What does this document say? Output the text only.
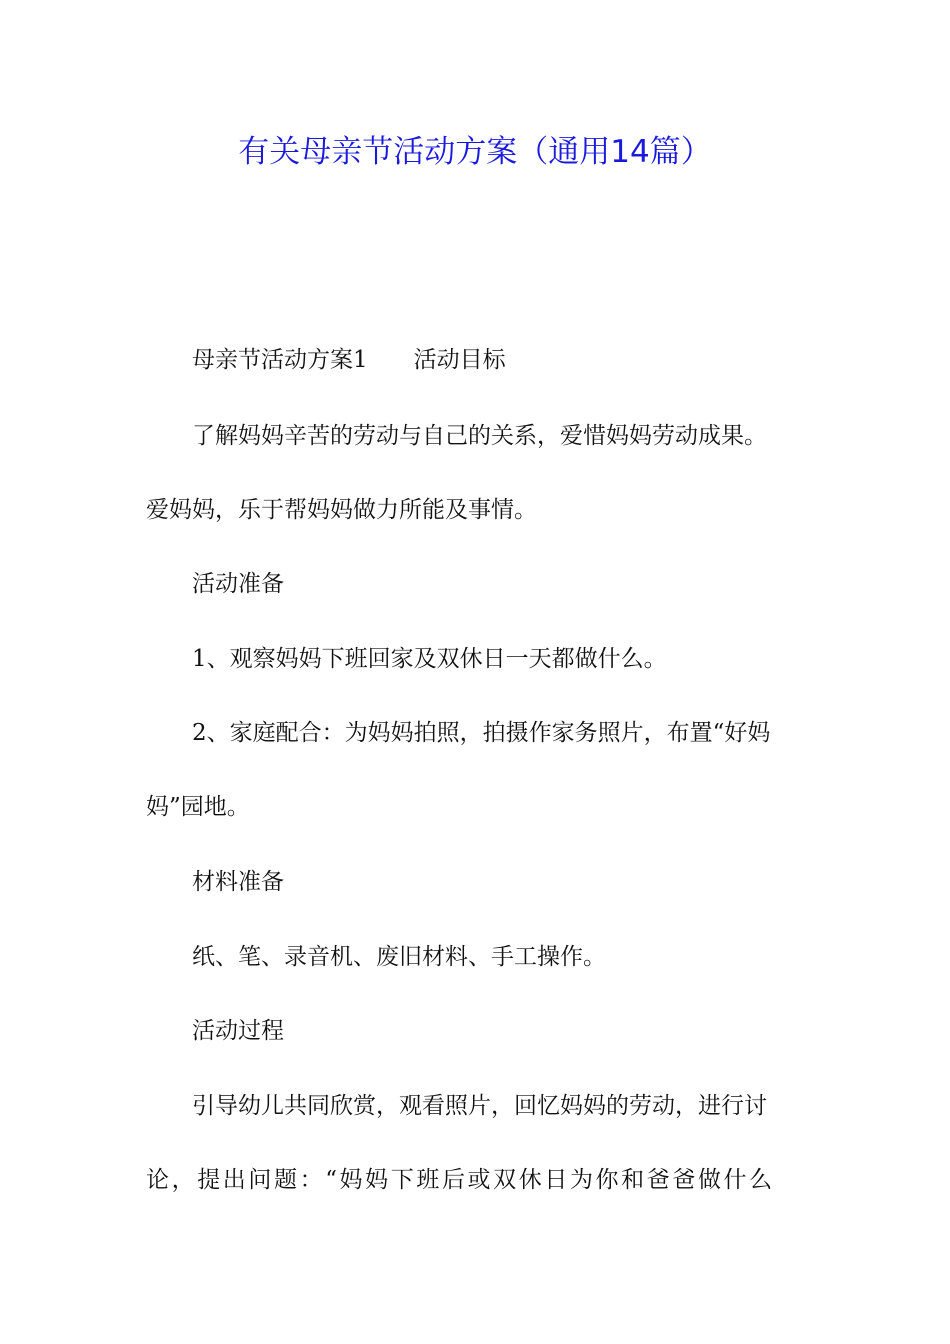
有关母亲节活动方案（通用14篇）
母亲节活动方案1 活动目标
了解妈妈辛苦的劳动与自己的关系，爱惜妈妈劳动成果。
爱妈妈，乐于帮妈妈做力所能及事情。
活动准备
1、观察妈妈下班回家及双休日一天都做什么。
2、家庭配合：为妈妈拍照，拍摄作家务照片，布置“好妈
妈”园地。
材料准备
纸、笔、录音机、废旧材料、手工操作。
活动过程
引导幼儿共同欣赏，观看照片，回忆妈妈的劳动，进行讨
论，提出问题：“妈妈下班后或双休日为你和爸爸做什么
